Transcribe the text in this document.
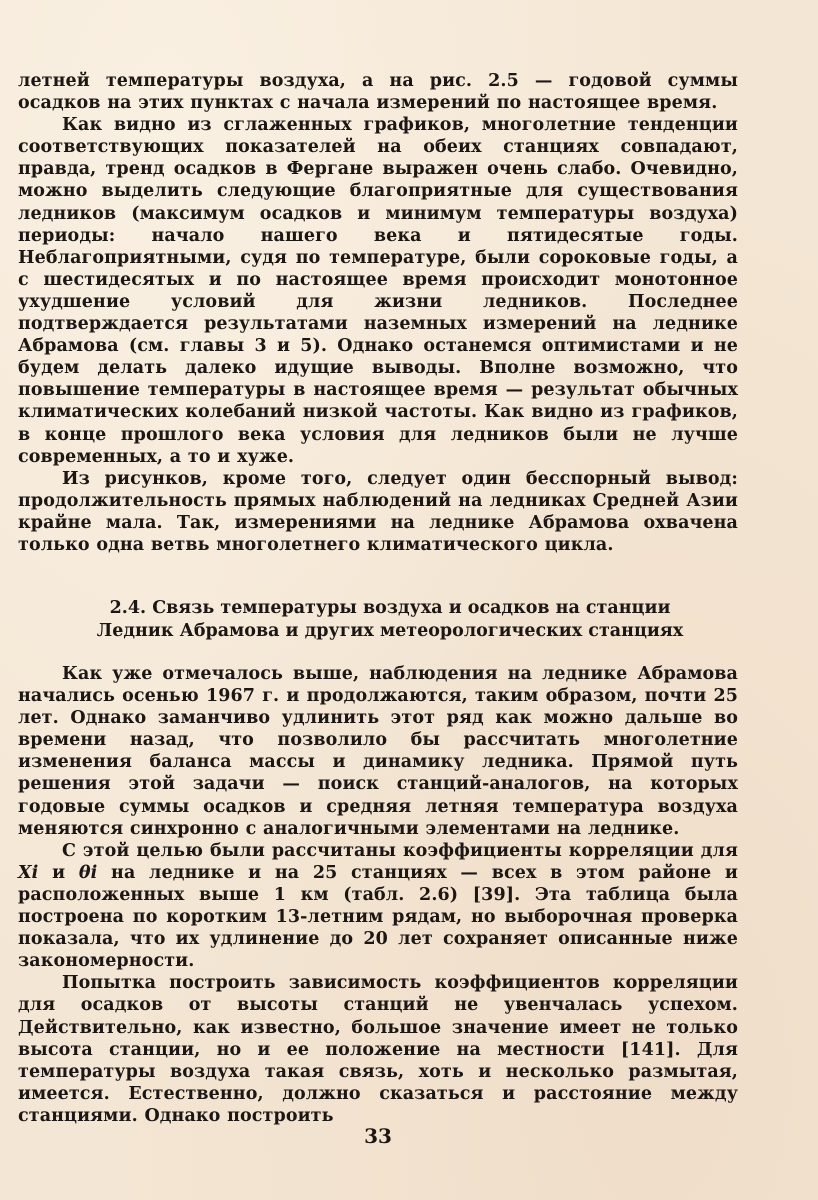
летней температуры воздуха, а на рис. 2.5 — годовой суммы осадков на этих пунктах с начала измерений по настоящее время.

Как видно из сглаженных графиков, многолетние тенденции соответствующих показателей на обеих станциях совпадают, правда, тренд осадков в Фергане выражен очень слабо. Очевидно, можно выделить следующие благоприятные для существования ледников (максимум осадков и минимум температуры воздуха) периоды: начало нашего века и пятидесятые годы. Неблагоприятными, судя по температуре, были сороковые годы, а с шестидесятых и по настоящее время происходит монотонное ухудшение условий для жизни ледников. Последнее подтверждается результатами наземных измерений на леднике Абрамова (см. главы 3 и 5). Однако останемся оптимистами и не будем делать далеко идущие выводы. Вполне возможно, что повышение температуры в настоящее время — результат обычных климатических колебаний низкой частоты. Как видно из графиков, в конце прошлого века условия для ледников были не лучше современных, а то и хуже.

Из рисунков, кроме того, следует один бесспорный вывод: продолжительность прямых наблюдений на ледниках Средней Азии крайне мала. Так, измерениями на леднике Абрамова охвачена только одна ветвь многолетнего климатического цикла.

2.4. Связь температуры воздуха и осадков на станции
Ледник Абрамова и других метеорологических станциях

Как уже отмечалось выше, наблюдения на леднике Абрамова начались осенью 1967 г. и продолжаются, таким образом, почти 25 лет. Однако заманчиво удлинить этот ряд как можно дальше во времени назад, что позволило бы рассчитать многолетние изменения баланса массы и динамику ледника. Прямой путь решения этой задачи — поиск станций-аналогов, на которых годовые суммы осадков и средняя летняя температура воздуха меняются синхронно с аналогичными элементами на леднике.

С этой целью были рассчитаны коэффициенты корреляции для Xi и θi на леднике и на 25 станциях — всех в этом районе и расположенных выше 1 км (табл. 2.6) [39]. Эта таблица была построена по коротким 13-летним рядам, но выборочная проверка показала, что их удлинение до 20 лет сохраняет описанные ниже закономерности.

Попытка построить зависимость коэффициентов корреляции для осадков от высоты станций не увенчалась успехом. Действительно, как известно, большое значение имеет не только высота станции, но и ее положение на местности [141]. Для температуры воздуха такая связь, хоть и несколько размытая, имеется. Естественно, должно сказаться и расстояние между станциями. Однако построить

33
